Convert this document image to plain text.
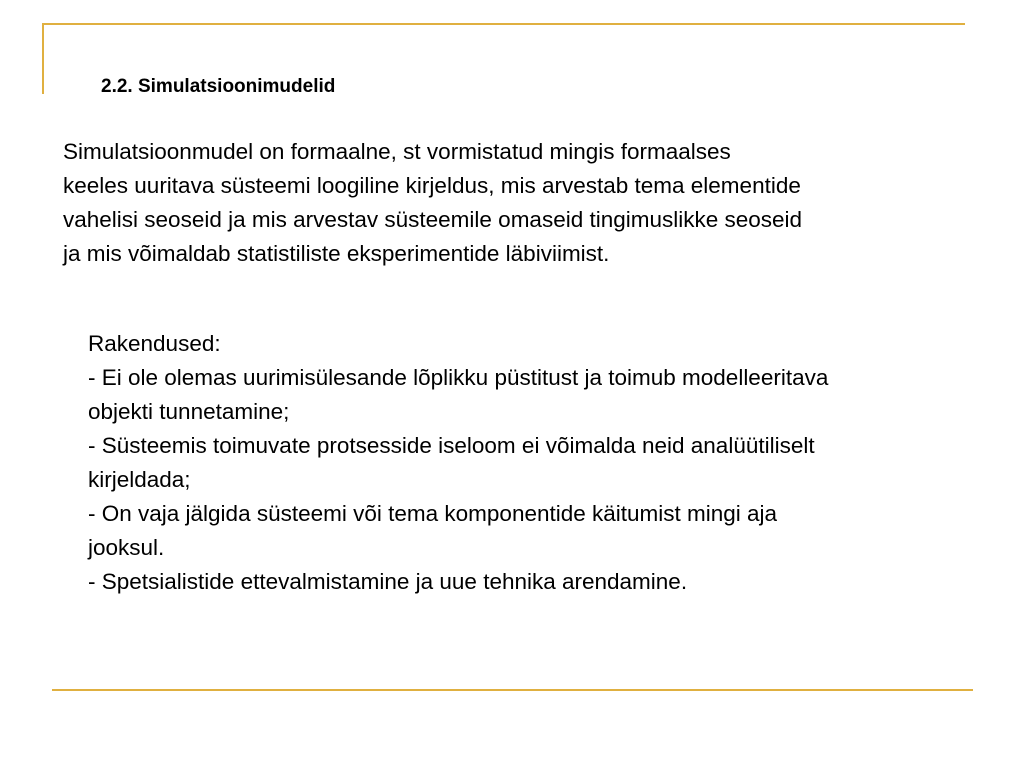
2.2. Simulatsioonimudelid

Simulatsioonmudel on formaalne, st vormistatud mingis formaalses
keeles uuritava süsteemi loogiline kirjeldus, mis arvestab tema elementide
vahelisi seoseid ja mis arvestav süsteemile omaseid tingimuslikke seoseid
ja mis võimaldab statistiliste eksperimentide läbiviimist.

Rakendused:
- Ei ole olemas uurimisülesande lõplikku püstitust ja toimub modelleeritava
objekti tunnetamine;
- Süsteemis toimuvate protsesside iseloom ei võimalda neid analüütiliselt
kirjeldada;
- On vaja jälgida süsteemi või tema komponentide käitumist mingi aja
jooksul.
- Spetsialistide ettevalmistamine ja uue tehnika arendamine.
